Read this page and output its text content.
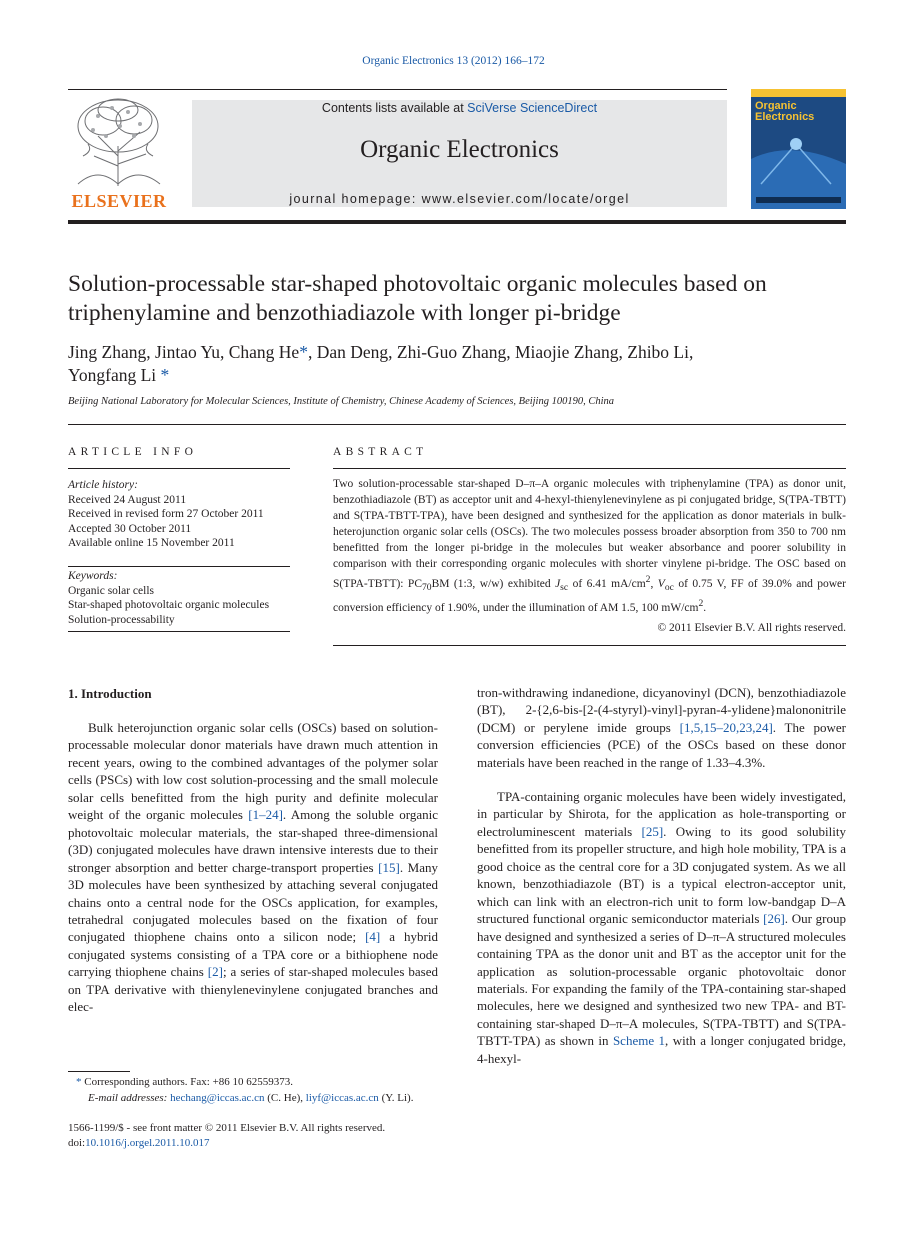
Organic Electronics 13 (2012) 166–172
ELSEVIER
Contents lists available at SciVerse ScienceDirect
Organic Electronics
journal homepage: www.elsevier.com/locate/orgel
Organic
Electronics
Solution-processable star-shaped photovoltaic organic molecules based on triphenylamine and benzothiadiazole with longer pi-bridge
Jing Zhang, Jintao Yu, Chang He*, Dan Deng, Zhi-Guo Zhang, Miaojie Zhang, Zhibo Li,
Yongfang Li *
Beijing National Laboratory for Molecular Sciences, Institute of Chemistry, Chinese Academy of Sciences, Beijing 100190, China
ARTICLE INFO	ABSTRACT
Article history:
Received 24 August 2011
Received in revised form 27 October 2011
Accepted 30 October 2011
Available online 15 November 2011
Keywords:
Organic solar cells
Star-shaped photovoltaic organic molecules
Solution-processability
Two solution-processable star-shaped D–π–A organic molecules with triphenylamine (TPA) as donor unit, benzothiadiazole (BT) as acceptor unit and 4-hexyl-thienylenevinylene as pi conjugated bridge, S(TPA-TBTT) and S(TPA-TBTT-TPA), have been designed and synthesized for the application as donor materials in bulk-heterojunction organic solar cells (OSCs). The two molecules possess broader absorption from 350 to 700 nm benefitted from the longer pi-bridge in the molecules but weaker absorbance and poorer solubility in comparison with their corresponding organic molecules with shorter vinylene pi-bridge. The OSC based on S(TPA-TBTT): $PC_{70}BM$ (1:3, w/w) exhibited $J_{sc}$ of 6.41 $mA/cm^2$, $V_{oc}$ of 0.75 V, FF of 39.0% and power conversion efficiency of 1.90%, under the illumination of AM 1.5, 100 $mW/cm^2$.
© 2011 Elsevier B.V. All rights reserved.
1. Introduction
Bulk heterojunction organic solar cells (OSCs) based on solution-processable molecular donor materials have drawn much attention in recent years, owing to the combined advantages of the polymer solar cells (PSCs) with low cost solution-processing and the small molecule solar cells benefitted from the high purity and definite molecular weight of the organic molecules [1–24]. Among the soluble organic photovoltaic molecular materials, the star-shaped three-dimensional (3D) conjugated molecules have drawn intensive interests due to their stronger absorption and better charge-transport properties [15]. Many 3D molecules have been synthesized by attaching several conjugated chains onto a central node for the OSCs application, for examples, tetrahedral conjugated molecules based on the fixation of four conjugated thiophene chains onto a silicon node; [4] a hybrid conjugated systems consisting of a TPA core or a bithiophene node carrying thiophene chains [2]; a series of star-shaped molecules based on TPA derivative with thienylenevinylene conjugated branches and elec-
tron-withdrawing indanedione, dicyanovinyl (DCN), benzothiadiazole (BT), 2-{2,6-bis-[2-(4-styryl)-vinyl]-pyran-4-ylidene}malononitrile (DCM) or perylene imide groups [1,5,15–20,23,24]. The power conversion efficiencies (PCE) of the OSCs based on these donor materials have been reached in the range of 1.33–4.3%.
TPA-containing organic molecules have been widely investigated, in particular by Shirota, for the application as hole-transporting or electroluminescent materials [25]. Owing to its good solubility benefitted from its propeller structure, and high hole mobility, TPA is a good choice as the central core for a 3D conjugated system. As we all known, benzothiadiazole (BT) is a typical electron-acceptor unit, which can link with an electron-rich unit to form low-bandgap D–A structured functional organic semiconductor materials [26]. Our group have designed and synthesized a series of D–π–A structured molecules containing TPA as the donor unit and BT as the acceptor unit for the application as solution-processable organic photovoltaic donor materials. For expanding the family of the TPA-containing star-shaped molecules, here we designed and synthesized two new TPA- and BT-containing star-shaped D–π–A molecules, S(TPA-TBTT) and S(TPA-TBTT-TPA) as shown in Scheme 1, with a longer conjugated bridge, 4-hexyl-
* Corresponding authors. Fax: +86 10 62559373.
E-mail addresses: hechang@iccas.ac.cn (C. He), liyf@iccas.ac.cn (Y. Li).
1566-1199/$ - see front matter © 2011 Elsevier B.V. All rights reserved.
doi:10.1016/j.orgel.2011.10.017
